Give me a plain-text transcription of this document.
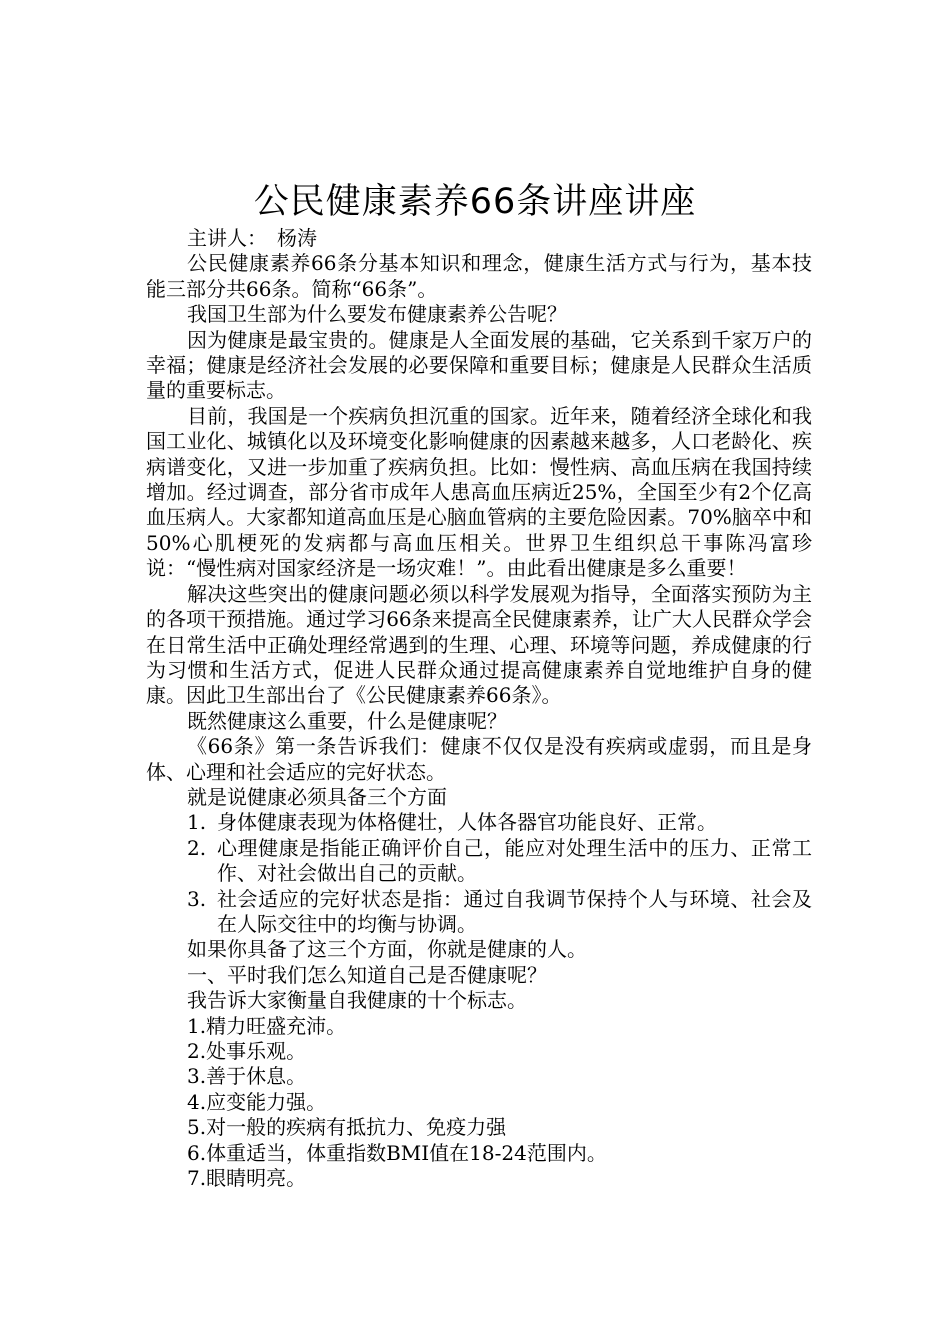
公民健康素养66条讲座讲座

主讲人：　杨涛

公民健康素养66条分基本知识和理念，健康生活方式与行为，基本技能三部分共66条。简称“66条”。

我国卫生部为什么要发布健康素养公告呢？

因为健康是最宝贵的。健康是人全面发展的基础，它关系到千家万户的幸福；健康是经济社会发展的必要保障和重要目标；健康是人民群众生活质量的重要标志。

目前，我国是一个疾病负担沉重的国家。近年来，随着经济全球化和我国工业化、城镇化以及环境变化影响健康的因素越来越多，人口老龄化、疾病谱变化，又进一步加重了疾病负担。比如：慢性病、高血压病在我国持续增加。经过调查，部分省市成年人患高血压病近25%，全国至少有2个亿高血压病人。大家都知道高血压是心脑血管病的主要危险因素。70%脑卒中和50%心肌梗死的发病都与高血压相关。世界卫生组织总干事陈冯富珍说：“慢性病对国家经济是一场灾难！”。由此看出健康是多么重要！

解决这些突出的健康问题必须以科学发展观为指导，全面落实预防为主的各项干预措施。通过学习66条来提高全民健康素养，让广大人民群众学会在日常生活中正确处理经常遇到的生理、心理、环境等问题，养成健康的行为习惯和生活方式，促进人民群众通过提高健康素养自觉地维护自身的健康。因此卫生部出台了《公民健康素养66条》。

既然健康这么重要，什么是健康呢？

《66条》第一条告诉我们：健康不仅仅是没有疾病或虚弱，而且是身体、心理和社会适应的完好状态。

就是说健康必须具备三个方面

1. 身体健康表现为体格健壮，人体各器官功能良好、正常。
2. 心理健康是指能正确评价自己，能应对处理生活中的压力、正常工作、对社会做出自己的贡献。
3. 社会适应的完好状态是指：通过自我调节保持个人与环境、社会及在人际交往中的均衡与协调。

如果你具备了这三个方面，你就是健康的人。

一、平时我们怎么知道自己是否健康呢？

我告诉大家衡量自我健康的十个标志。

1.精力旺盛充沛。

2.处事乐观。

3.善于休息。

4.应变能力强。

5.对一般的疾病有抵抗力、免疫力强

6.体重适当，体重指数BMI值在18-24范围内。

7.眼睛明亮。
